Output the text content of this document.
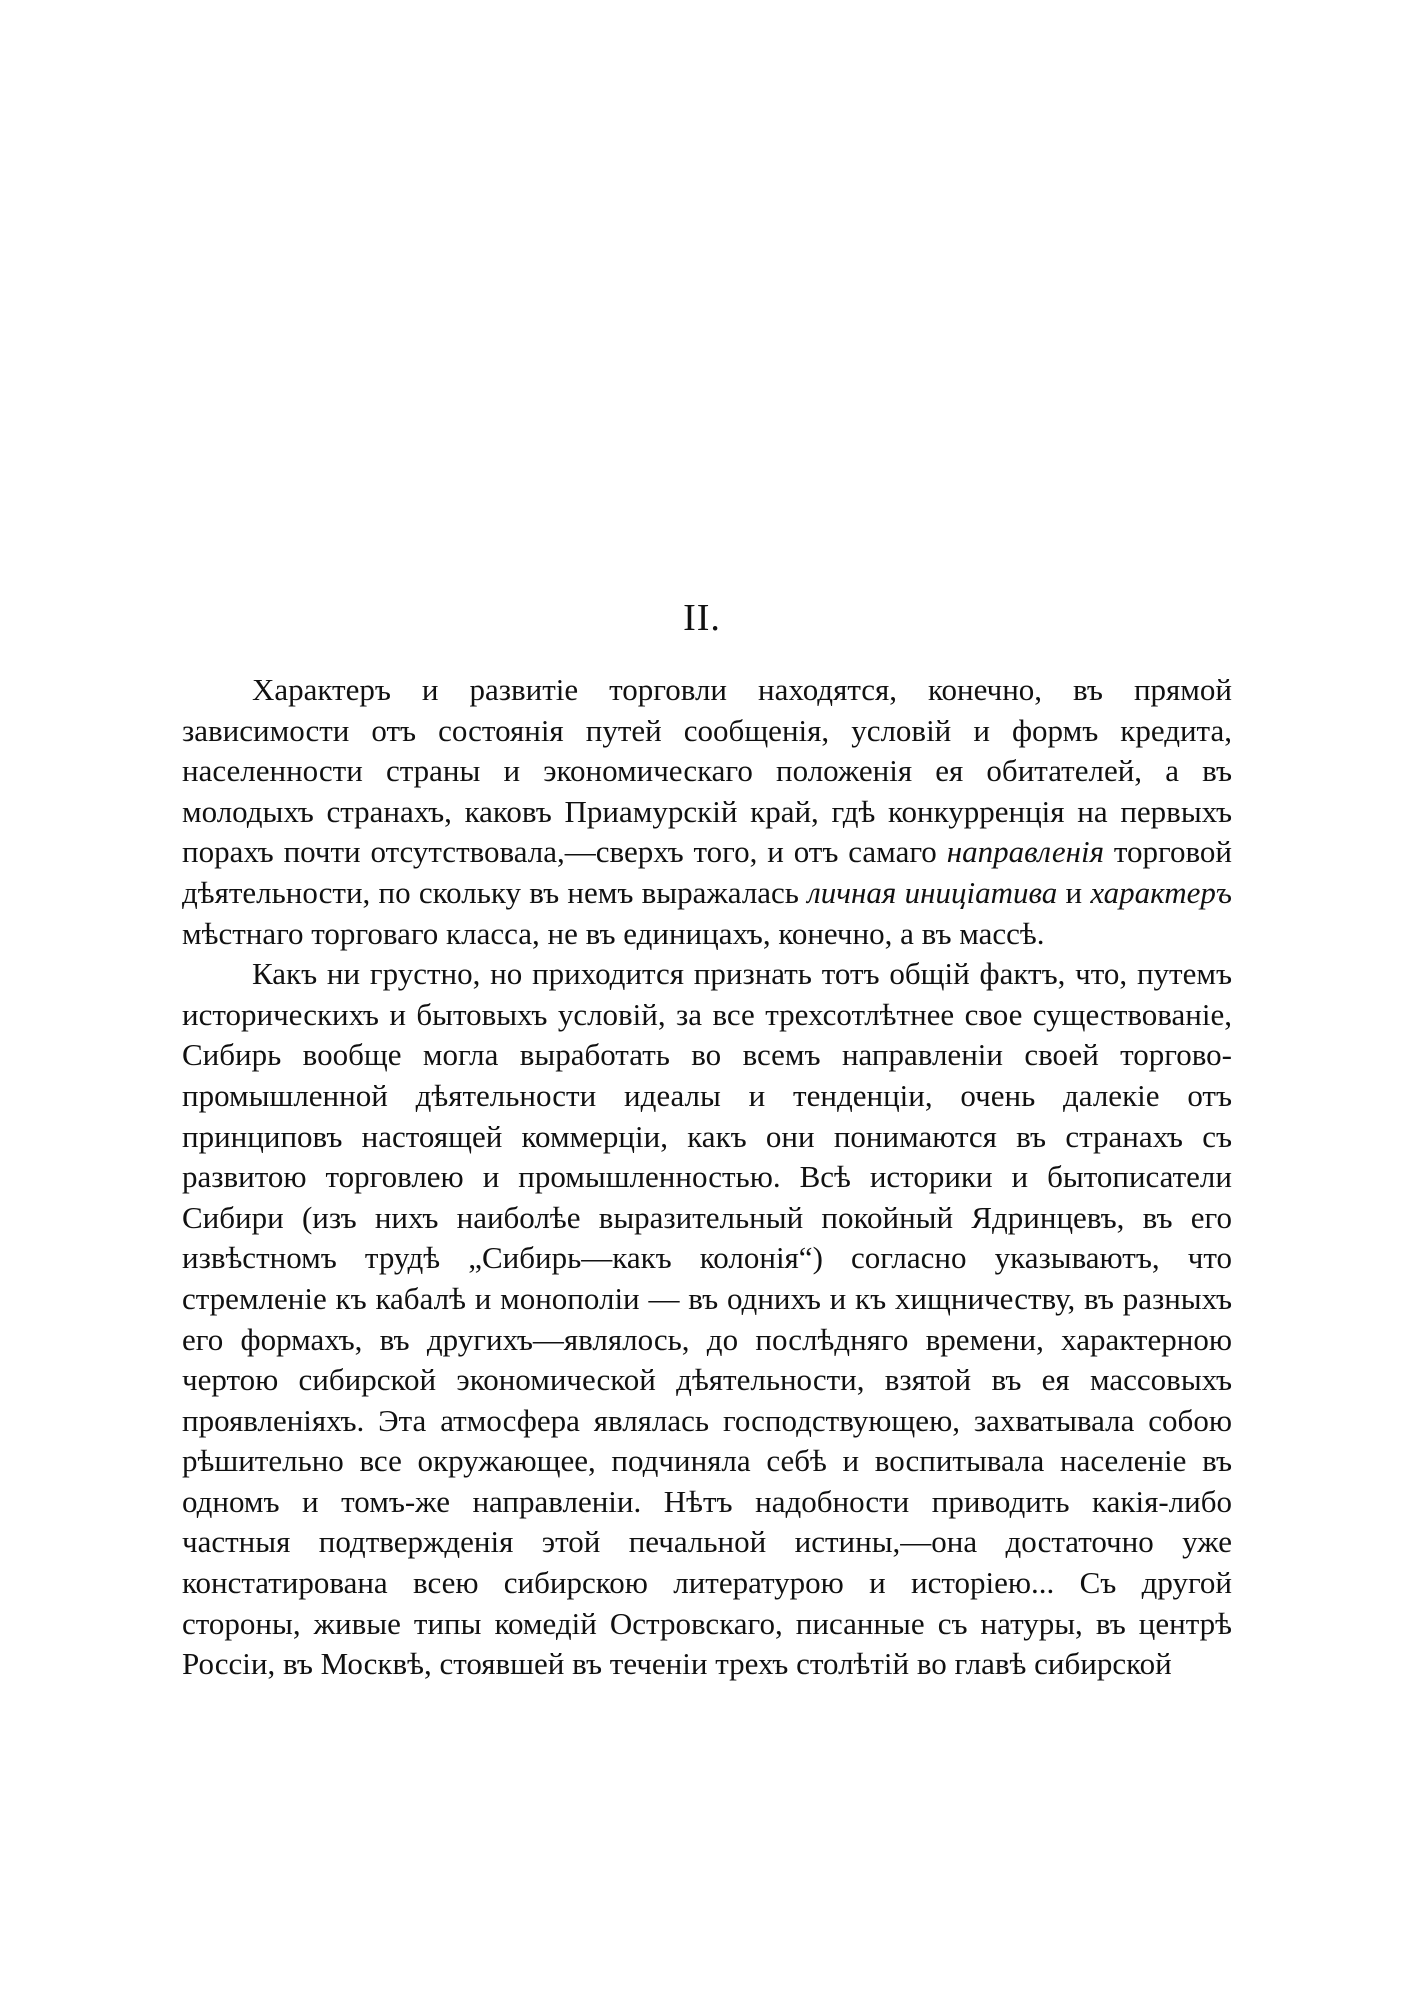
II.

Характеръ и развитіе торговли находятся, конечно, въ прямой зависимости отъ состоянія путей сообщенія, условій и формъ кредита, населенности страны и экономическаго положенія ея обитателей, а въ молодыхъ странахъ, каковъ Приамурскій край, гдѣ конкурренція на первыхъ порахъ почти отсутствовала,—сверхъ того, и отъ самаго направленія торговой дѣятельности, по скольку въ немъ выражалась личная иниціатива и характеръ мѣстнаго торговаго класса, не въ единицахъ, конечно, а въ массѣ.

Какъ ни грустно, но приходится признать тотъ общій фактъ, что, путемъ историческихъ и бытовыхъ условій, за все трехсотлѣтнее свое существованіе, Сибирь вообще могла выработать во всемъ направленіи своей торгово-промышленной дѣятельности идеалы и тенденціи, очень далекіе отъ принциповъ настоящей коммерціи, какъ они понимаются въ странахъ съ развитою торговлею и промышленностью. Всѣ историки и бытописатели Сибири (изъ нихъ наиболѣе выразительный покойный Ядринцевъ, въ его извѣстномъ трудѣ „Сибирь—какъ колонія“) согласно указываютъ, что стремленіе къ кабалѣ и монополіи — въ однихъ и къ хищничеству, въ разныхъ его формахъ, въ другихъ—являлось, до послѣдняго времени, характерною чертою сибирской экономической дѣятельности, взятой въ ея массовыхъ проявленіяхъ. Эта атмосфера являлась господствующею, захватывала собою рѣшительно все окружающее, подчиняла себѣ и воспитывала населеніе въ одномъ и томъ-же направленіи. Нѣтъ надобности приводить какія-либо частныя подтвержденія этой печальной истины,—она достаточно уже констатирована всею сибирскою литературою и исторіею... Съ другой стороны, живые типы комедій Островскаго, писанные съ натуры, въ центрѣ Россіи, въ Москвѣ, стоявшей въ теченіи трехъ столѣтій во главѣ сибирской
